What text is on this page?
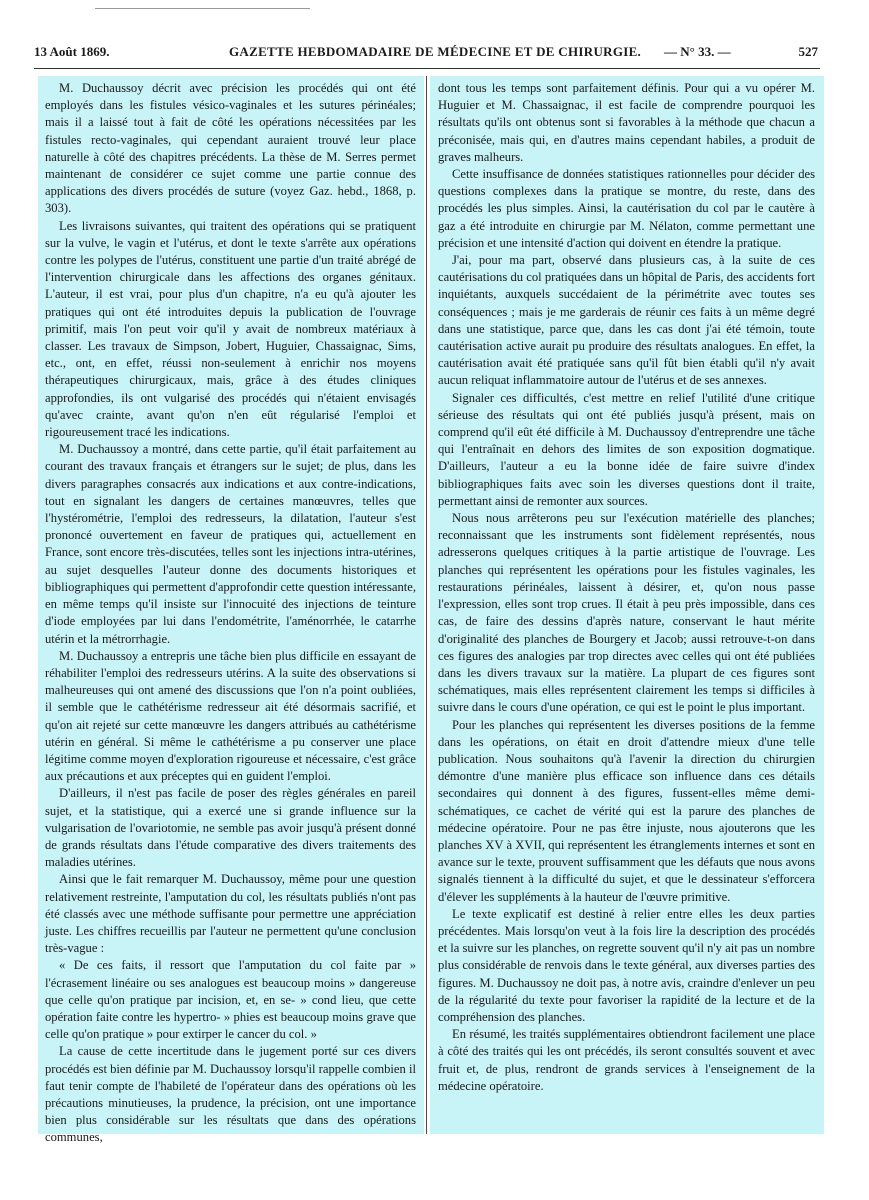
13 Août 1869.	GAZETTE HEBDOMADAIRE DE MÉDECINE ET DE CHIRURGIE. — N° 33. —	527

M. Duchaussoy décrit avec précision les procédés qui ont été employés dans les fistules vésico-vaginales et les sutures périnéales; mais il a laissé tout à fait de côté les opérations nécessitées par les fistules recto-vaginales, qui cependant auraient trouvé leur place naturelle à côté des chapitres précédents. La thèse de M. Serres permet maintenant de considérer ce sujet comme une partie connue des applications des divers procédés de suture (voyez Gaz. hebd., 1868, p. 303).

Les livraisons suivantes, qui traitent des opérations qui se pratiquent sur la vulve, le vagin et l'utérus, et dont le texte s'arrête aux opérations contre les polypes de l'utérus, constituent une partie d'un traité abrégé de l'intervention chirurgicale dans les affections des organes génitaux. L'auteur, il est vrai, pour plus d'un chapitre, n'a eu qu'à ajouter les pratiques qui ont été introduites depuis la publication de l'ouvrage primitif, mais l'on peut voir qu'il y avait de nombreux matériaux à classer. Les travaux de Simpson, Jobert, Huguier, Chassaignac, Sims, etc., ont, en effet, réussi non-seulement à enrichir nos moyens thérapeutiques chirurgicaux, mais, grâce à des études cliniques approfondies, ils ont vulgarisé des procédés qui n'étaient envisagés qu'avec crainte, avant qu'on n'en eût régularisé l'emploi et rigoureusement tracé les indications.

M. Duchaussoy a montré, dans cette partie, qu'il était parfaitement au courant des travaux français et étrangers sur le sujet; de plus, dans les divers paragraphes consacrés aux indications et aux contre-indications, tout en signalant les dangers de certaines manœuvres, telles que l'hystérométrie, l'emploi des redresseurs, la dilatation, l'auteur s'est prononcé ouvertement en faveur de pratiques qui, actuellement en France, sont encore très-discutées, telles sont les injections intra-utérines, au sujet desquelles l'auteur donne des documents historiques et bibliographiques qui permettent d'approfondir cette question intéressante, en même temps qu'il insiste sur l'innocuité des injections de teinture d'iode employées par lui dans l'endométrite, l'aménorrhée, le catarrhe utérin et la métrorrhagie.

M. Duchaussoy a entrepris une tâche bien plus difficile en essayant de réhabiliter l'emploi des redresseurs utérins. A la suite des observations si malheureuses qui ont amené des discussions que l'on n'a point oubliées, il semble que le cathétérisme redresseur ait été désormais sacrifié, et qu'on ait rejeté sur cette manœuvre les dangers attribués au cathétérisme utérin en général. Si même le cathétérisme a pu conserver une place légitime comme moyen d'exploration rigoureuse et nécessaire, c'est grâce aux précautions et aux préceptes qui en guident l'emploi.

D'ailleurs, il n'est pas facile de poser des règles générales en pareil sujet, et la statistique, qui a exercé une si grande influence sur la vulgarisation de l'ovariotomie, ne semble pas avoir jusqu'à présent donné de grands résultats dans l'étude comparative des divers traitements des maladies utérines.

Ainsi que le fait remarquer M. Duchaussoy, même pour une question relativement restreinte, l'amputation du col, les résultats publiés n'ont pas été classés avec une méthode suffisante pour permettre une appréciation juste. Les chiffres recueillis par l'auteur ne permettent qu'une conclusion très-vague :

« De ces faits, il ressort que l'amputation du col faite par » l'écrasement linéaire ou ses analogues est beaucoup moins » dangereuse que celle qu'on pratique par incision, et, en se- » cond lieu, que cette opération faite contre les hypertro- » phies est beaucoup moins grave que celle qu'on pratique » pour extirper le cancer du col. »

La cause de cette incertitude dans le jugement porté sur ces divers procédés est bien définie par M. Duchaussoy lorsqu'il rappelle combien il faut tenir compte de l'habileté de l'opérateur dans des opérations où les précautions minutieuses, la prudence, la précision, ont une importance bien plus considérable sur les résultats que dans des opérations communes,

dont tous les temps sont parfaitement définis. Pour qui a vu opérer M. Huguier et M. Chassaignac, il est facile de comprendre pourquoi les résultats qu'ils ont obtenus sont si favorables à la méthode que chacun a préconisée, mais qui, en d'autres mains cependant habiles, a produit de graves malheurs.

Cette insuffisance de données statistiques rationnelles pour décider des questions complexes dans la pratique se montre, du reste, dans des procédés les plus simples. Ainsi, la cautérisation du col par le cautère à gaz a été introduite en chirurgie par M. Nélaton, comme permettant une précision et une intensité d'action qui doivent en étendre la pratique.

J'ai, pour ma part, observé dans plusieurs cas, à la suite de ces cautérisations du col pratiquées dans un hôpital de Paris, des accidents fort inquiétants, auxquels succédaient de la périmétrite avec toutes ses conséquences ; mais je me garderais de réunir ces faits à un même degré dans une statistique, parce que, dans les cas dont j'ai été témoin, toute cautérisation active aurait pu produire des résultats analogues. En effet, la cautérisation avait été pratiquée sans qu'il fût bien établi qu'il n'y avait aucun reliquat inflammatoire autour de l'utérus et de ses annexes.

Signaler ces difficultés, c'est mettre en relief l'utilité d'une critique sérieuse des résultats qui ont été publiés jusqu'à présent, mais on comprend qu'il eût été difficile à M. Duchaussoy d'entreprendre une tâche qui l'entraînait en dehors des limites de son exposition dogmatique. D'ailleurs, l'auteur a eu la bonne idée de faire suivre d'index bibliographiques faits avec soin les diverses questions dont il traite, permettant ainsi de remonter aux sources.

Nous nous arrêterons peu sur l'exécution matérielle des planches; reconnaissant que les instruments sont fidèlement représentés, nous adresserons quelques critiques à la partie artistique de l'ouvrage. Les planches qui représentent les opérations pour les fistules vaginales, les restaurations périnéales, laissent à désirer, et, qu'on nous passe l'expression, elles sont trop crues. Il était à peu près impossible, dans ces cas, de faire des dessins d'après nature, conservant le haut mérite d'originalité des planches de Bourgery et Jacob; aussi retrouve-t-on dans ces figures des analogies par trop directes avec celles qui ont été publiées dans les divers travaux sur la matière. La plupart de ces figures sont schématiques, mais elles représentent clairement les temps si difficiles à suivre dans le cours d'une opération, ce qui est le point le plus important.

Pour les planches qui représentent les diverses positions de la femme dans les opérations, on était en droit d'attendre mieux d'une telle publication. Nous souhaitons qu'à l'avenir la direction du chirurgien démontre d'une manière plus efficace son influence dans ces détails secondaires qui donnent à des figures, fussent-elles même demi-schématiques, ce cachet de vérité qui est la parure des planches de médecine opératoire. Pour ne pas être injuste, nous ajouterons que les planches XV à XVII, qui représentent les étranglements internes et sont en avance sur le texte, prouvent suffisamment que les défauts que nous avons signalés tiennent à la difficulté du sujet, et que le dessinateur s'efforcera d'élever les suppléments à la hauteur de l'œuvre primitive.

Le texte explicatif est destiné à relier entre elles les deux parties précédentes. Mais lorsqu'on veut à la fois lire la description des procédés et la suivre sur les planches, on regrette souvent qu'il n'y ait pas un nombre plus considérable de renvois dans le texte général, aux diverses parties des figures. M. Duchaussoy ne doit pas, à notre avis, craindre d'enlever un peu de la régularité du texte pour favoriser la rapidité de la lecture et de la compréhension des planches.

En résumé, les traités supplémentaires obtiendront facilement une place à côté des traités qui les ont précédés, ils seront consultés souvent et avec fruit et, de plus, rendront de grands services à l'enseignement de la médecine opératoire.
